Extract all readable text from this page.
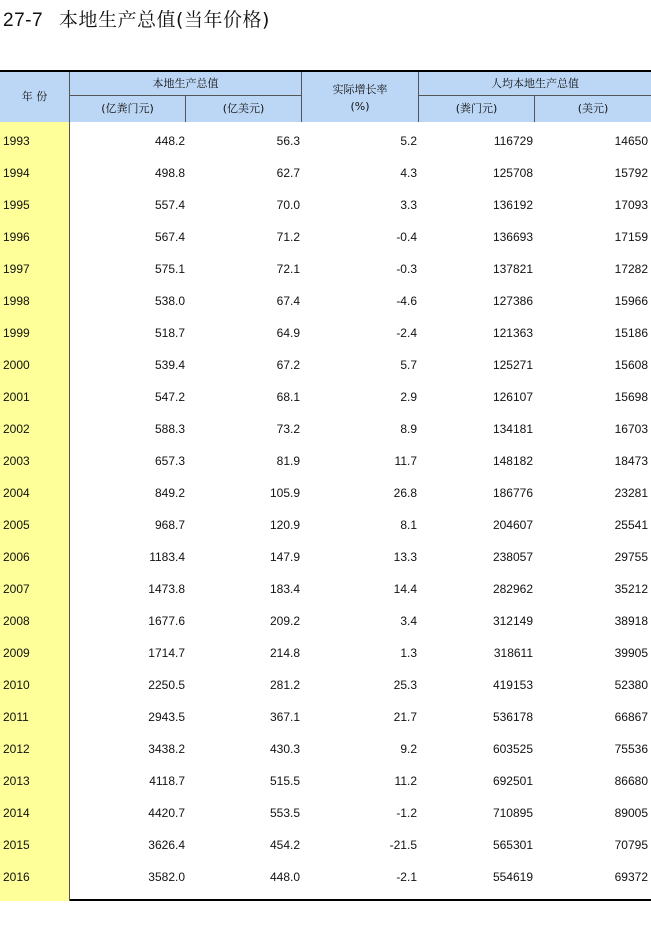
27-7 本地生产总值(当年价格)
年 份
本地生产总值
(亿粪门元)	(亿美元)
实际增长率
(%)
人均本地生产总值
(粪门元)	(美元)
1993	448.2	56.3	5.2	116729	14650
1994	498.8	62.7	4.3	125708	15792
1995	557.4	70.0	3.3	136192	17093
1996	567.4	71.2	-0.4	136693	17159
1997	575.1	72.1	-0.3	137821	17282
1998	538.0	67.4	-4.6	127386	15966
1999	518.7	64.9	-2.4	121363	15186
2000	539.4	67.2	5.7	125271	15608
2001	547.2	68.1	2.9	126107	15698
2002	588.3	73.2	8.9	134181	16703
2003	657.3	81.9	11.7	148182	18473
2004	849.2	105.9	26.8	186776	23281
2005	968.7	120.9	8.1	204607	25541
2006	1183.4	147.9	13.3	238057	29755
2007	1473.8	183.4	14.4	282962	35212
2008	1677.6	209.2	3.4	312149	38918
2009	1714.7	214.8	1.3	318611	39905
2010	2250.5	281.2	25.3	419153	52380
2011	2943.5	367.1	21.7	536178	66867
2012	3438.2	430.3	9.2	603525	75536
2013	4118.7	515.5	11.2	692501	86680
2014	4420.7	553.5	-1.2	710895	89005
2015	3626.4	454.2	-21.5	565301	70795
2016	3582.0	448.0	-2.1	554619	69372
